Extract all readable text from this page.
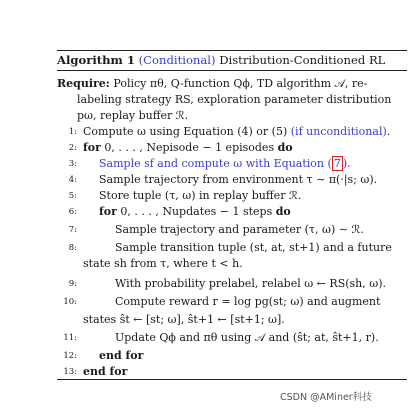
Algorithm 1 (Conditional) Distribution-Conditioned RL
Require: Policy πθ, Q-function Qϕ, TD algorithm 𝒜, re-
labeling strategy RS, exploration parameter distribution
pω, replay buffer ℛ.
1: Compute ω using Equation (4) or (5) (if unconditional).
2: for 0, . . . , Nepisode − 1 episodes do
3: Sample sf and compute ω with Equation ( 7 ).
4: Sample trajectory from environment τ ∼ π(·|s; ω).
5: Store tuple (τ, ω) in replay buffer ℛ.
6: for 0, . . . , Nupdates − 1 steps do
7:	Sample trajectory and parameter (τ, ω) ∼ ℛ.
8:	Sample transition tuple (st, at, st+1) and a future
state sh from τ, where t < h.
9:	With probability prelabel, relabel ω ← RS(sh, ω).
10:	Compute reward r = log pg(st; ω) and augment
states ŝt ← [st; ω], ŝt+1 ← [st+1; ω].
11:	Update Qϕ and πθ using 𝒜 and (ŝt; at, ŝt+1, r).
12: end for
13: end for
CSDN @AMiner科技
